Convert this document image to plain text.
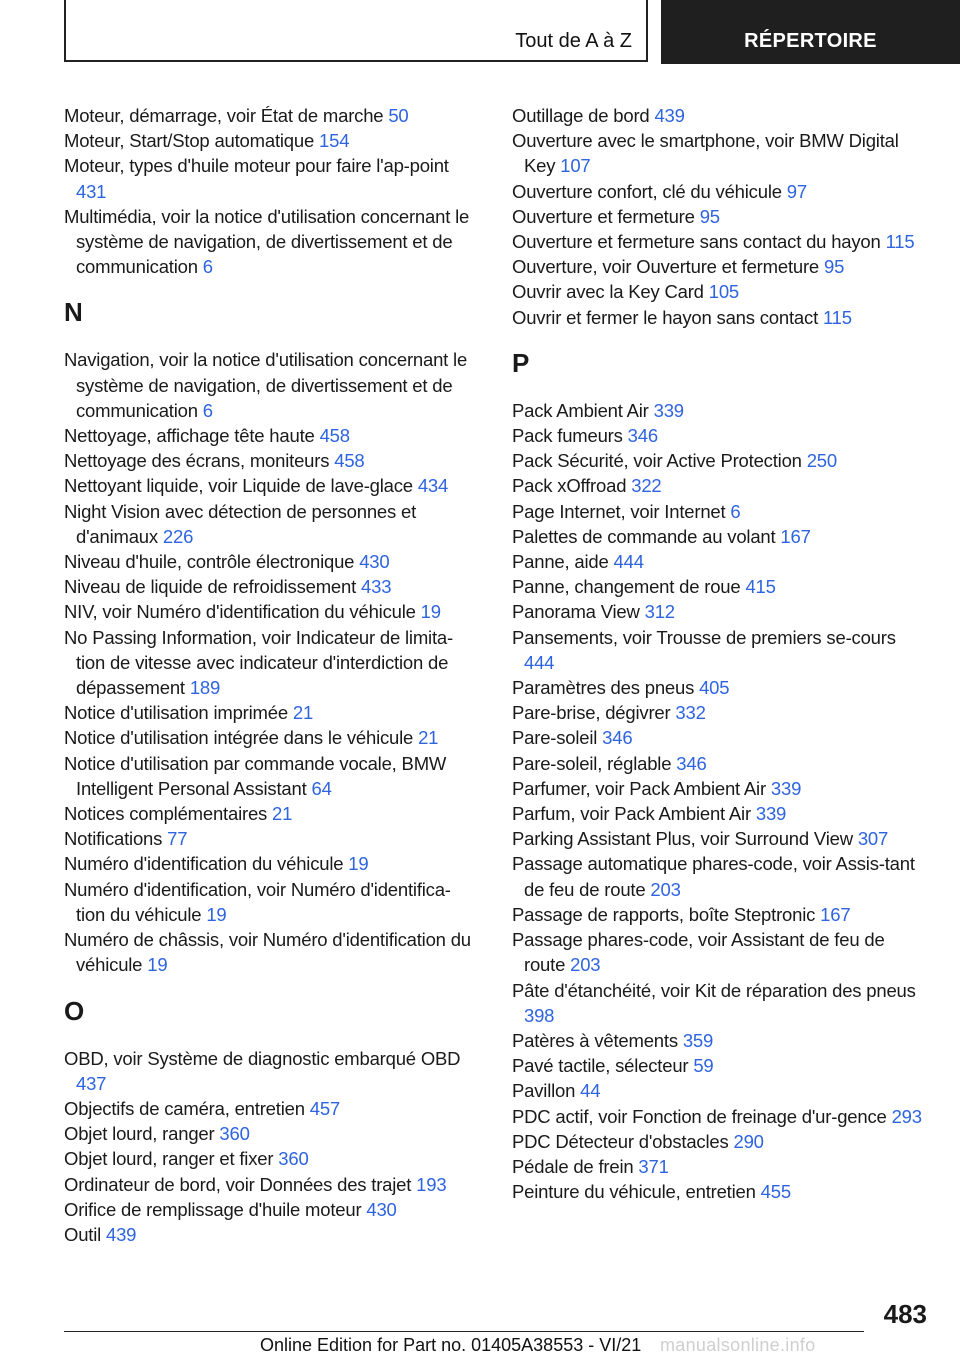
Tout de A à Z	RÉPERTOIRE
Moteur, démarrage, voir État de marche 50
Moteur, Start/Stop automatique 154
Moteur, types d'huile moteur pour faire l'ap‐point 431
Multimédia, voir la notice d'utilisation concernant le système de navigation, de divertissement et de communication 6
N
Navigation, voir la notice d'utilisation concernant le système de navigation, de divertissement et de communication 6
Nettoyage, affichage tête haute 458
Nettoyage des écrans, moniteurs 458
Nettoyant liquide, voir Liquide de lave-glace 434
Night Vision avec détection de personnes et d'animaux 226
Niveau d'huile, contrôle électronique 430
Niveau de liquide de refroidissement 433
NIV, voir Numéro d'identification du véhicule 19
No Passing Information, voir Indicateur de limita‐tion de vitesse avec indicateur d'interdiction de dépassement 189
Notice d'utilisation imprimée 21
Notice d'utilisation intégrée dans le véhicule 21
Notice d'utilisation par commande vocale, BMW Intelligent Personal Assistant 64
Notices complémentaires 21
Notifications 77
Numéro d'identification du véhicule 19
Numéro d'identification, voir Numéro d'identifica‐tion du véhicule 19
Numéro de châssis, voir Numéro d'identification du véhicule 19
O
OBD, voir Système de diagnostic embarqué OBD 437
Objectifs de caméra, entretien 457
Objet lourd, ranger 360
Objet lourd, ranger et fixer 360
Ordinateur de bord, voir Données des trajet 193
Orifice de remplissage d'huile moteur 430
Outil 439
Outillage de bord 439
Ouverture avec le smartphone, voir BMW Digital Key 107
Ouverture confort, clé du véhicule 97
Ouverture et fermeture 95
Ouverture et fermeture sans contact du hayon 115
Ouverture, voir Ouverture et fermeture 95
Ouvrir avec la Key Card 105
Ouvrir et fermer le hayon sans contact 115
P
Pack Ambient Air 339
Pack fumeurs 346
Pack Sécurité, voir Active Protection 250
Pack xOffroad 322
Page Internet, voir Internet 6
Palettes de commande au volant 167
Panne, aide 444
Panne, changement de roue 415
Panorama View 312
Pansements, voir Trousse de premiers se‐cours 444
Paramètres des pneus 405
Pare-brise, dégivrer 332
Pare-soleil 346
Pare-soleil, réglable 346
Parfumer, voir Pack Ambient Air 339
Parfum, voir Pack Ambient Air 339
Parking Assistant Plus, voir Surround View 307
Passage automatique phares-code, voir Assis‐tant de feu de route 203
Passage de rapports, boîte Steptronic 167
Passage phares-code, voir Assistant de feu de route 203
Pâte d'étanchéité, voir Kit de réparation des pneus 398
Patères à vêtements 359
Pavé tactile, sélecteur 59
Pavillon 44
PDC actif, voir Fonction de freinage d'ur‐gence 293
PDC Détecteur d'obstacles 290
Pédale de frein 371
Peinture du véhicule, entretien 455
483
Online Edition for Part no. 01405A38553 - VI/21 manualsonline.info
